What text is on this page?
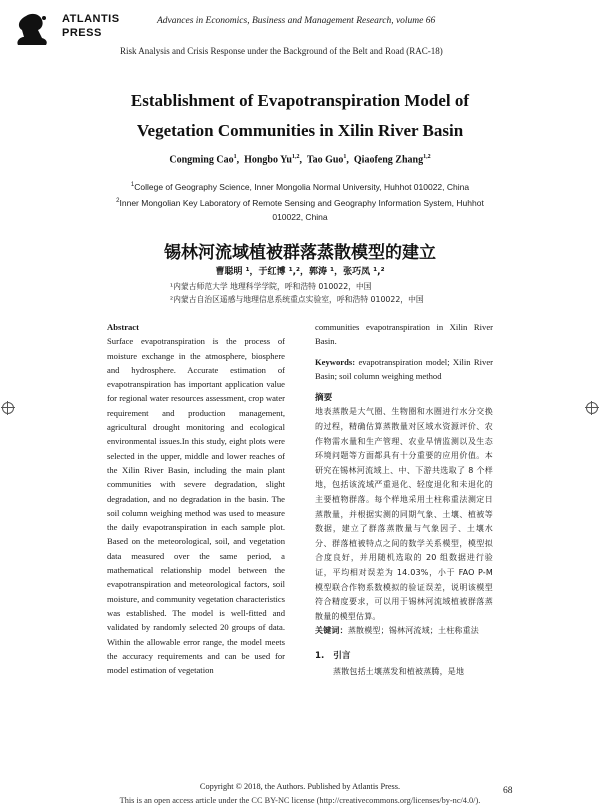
ATLANTIS PRESS
Advances in Economics, Business and Management Research, volume 66
Risk Analysis and Crisis Response under the Background of the Belt and Road (RAC-18)
Establishment of Evapotranspiration Model of
Vegetation Communities in Xilin River Basin
Congming Cao$^1$,  Hongbo Yu$^{1,2}$,  Tao Guo$^1$,  Qiaofeng Zhang$^{1,2}$
$^1$College of Geography Science, Inner Mongolia Normal University, Huhhot 010022, China
$^2$Inner Mongolian Key Laboratory of Remote Sensing and Geography Information System, Huhhot 010022, China
锡林河流域植被群落蒸散模型的建立
曹聪明 ¹，于红博 ¹,²，郭涛 ¹，张巧凤 ¹,²
¹内蒙古师范大学 地理科学学院，呼和浩特 010022，中国
²内蒙古自治区遥感与地理信息系统重点实验室，呼和浩特 010022，中国
Abstract

Surface evapotranspiration is the process of moisture exchange in the atmosphere, biosphere and hydrosphere. Accurate estimation of evapotranspiration has important application value for regional water resources assessment, crop water requirement and production management, agricultural drought monitoring and ecological environmental issues.In this study, eight plots were selected in the upper, middle and lower reaches of the Xilin River Basin, including the main plant communities with severe degradation, slight degradation, and no degradation in the basin. The soil column weighing method was used to measure the daily evapotranspiration in each sample plot. Based on the meteorological, soil, and vegetation data measured over the same period, a mathematical relationship model between the evapotranspiration and meteorological factors, soil moisture, and community vegetation characteristics was established. The model is well-fitted and validated by randomly selected 20 groups of data. Within the allowable error range, the model meets the accuracy requirements and can be used for model estimation of vegetation

communities evapotranspiration in Xilin River Basin.

Keywords: evapotranspiration model; Xilin River Basin; soil column weighing method

摘要

地表蒸散是大气圈、生物圈和水圈进行水分交换的过程，精确估算蒸散量对区域水资源评价、农作物需水量和生产管理、农业旱情监测以及生态环境问题等方面都具有十分重要的应用价值。本研究在锡林河流域上、中、下游共选取了 8 个样地，包括该流域严重退化、轻度退化和未退化的主要植物群落。每个样地采用土柱称重法测定日蒸散量，并根据实测的同期气象、土壤、植被等数据，建立了群落蒸散量与气象因子、土壤水分、群落植被特点之间的数学关系模型，模型拟合度良好，并用随机选取的 20 组数据进行验证，平均相对误差为 14.03%，小于 FAO P-M 模型联合作物系数模拟的验证误差，说明该模型符合精度要求，可以用于锡林河流域植被群落蒸散量的模型估算。

关键词：蒸散模型；锡林河流域；土柱称重法

1. 引言

蒸散包括土壤蒸发和植被蒸腾，是地

Copyright © 2018, the Authors. Published by Atlantis Press.
This is an open access article under the CC BY-NC license (http://creativecommons.org/licenses/by-nc/4.0/).
68
